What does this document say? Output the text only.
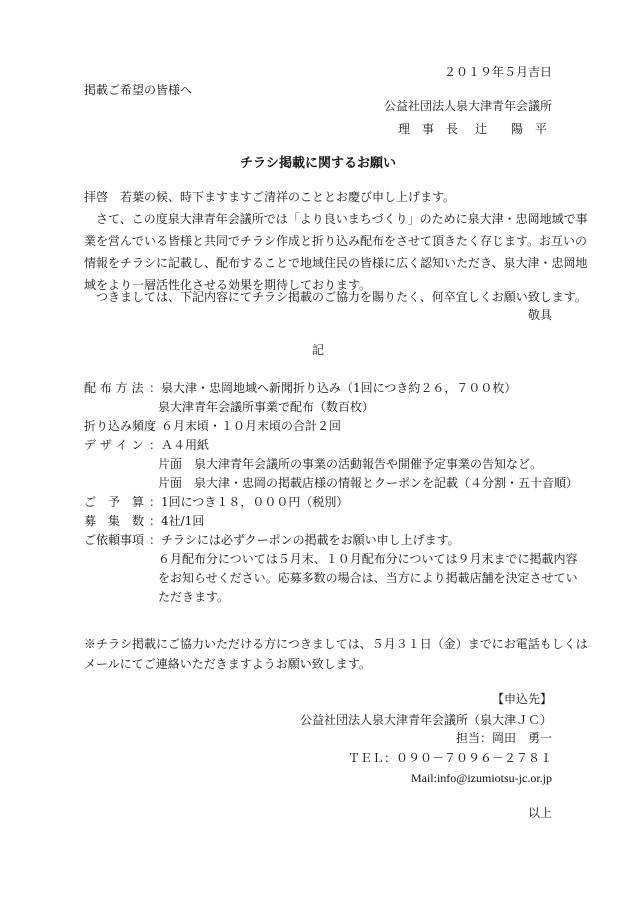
２０１９年５月吉日
掲載ご希望の皆様へ
公益社団法人泉大津青年会議所
理　事　長 辻　　陽　平
チラシ掲載に関するお願い
拝啓　若葉の候、時下ますますご清祥のこととお慶び申し上げます。
　さて、この度泉大津青年会議所では「より良いまちづくり」のために泉大津・忠岡地域で事
業を営んでいる皆様と共同でチラシ作成と折り込み配布をさせて頂きたく存じます。お互いの
情報をチラシに記載し、配布することで地域住民の皆様に広く認知いただき、泉大津・忠岡地
域をより一層活性化させる効果を期待しております。
　つきましては、下記内容にてチラシ掲載のご協力を賜りたく、何卒宜しくお願い致します。
敬具
記
配 布 方 法 ：泉大津・忠岡地域へ新聞折り込み（1回につき約２６，７００枚）
泉大津青年会議所事業で配布（数百枚）
折り込み頻度
：６月末頃・１０月末頃の合計２回
デ ザ イ ン ：Ａ４用紙
片面　泉大津青年会議所の事業の活動報告や開催予定事業の告知など。
片面　泉大津・忠岡の掲載店様の情報とクーポンを記載（４分割・五十音順）
ご　予　算 ：1回につき１８，０００円（税別）
募　集　数 ：4社/1回
ご依頼事項 ：チラシには必ずクーポンの掲載をお願い申し上げます。
６月配布分については５月末、１０月配布分については９月末までに掲載内容
をお知らせください。応募多数の場合は、当方により掲載店舗を決定させてい
ただきます。
※チラシ掲載にご協力いただける方につきましては、５月３１日（金）までにお電話もしくは
メールにてご連絡いただきますようお願い致します。
【申込先】
公益社団法人泉大津青年会議所（泉大津ＪＣ）
担当：岡田　勇一
ＴＥＬ：０９０－７０９６－２７８１
Mail:info@izumiotsu-jc.or.jp
以上
